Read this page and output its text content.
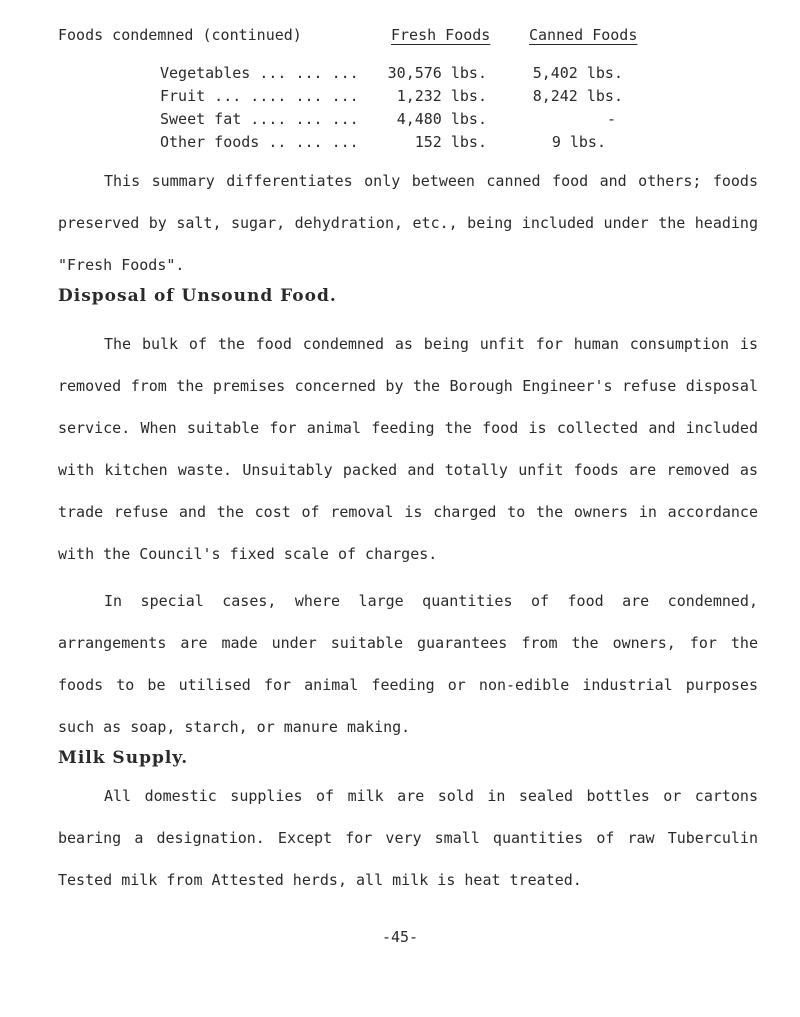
Foods condemned (continued)	Fresh Foods	Canned Foods
Vegetables ... ... ... 30,576 lbs.	5,402 lbs.
Fruit ... .... ... ...	1,232 lbs.	8,242 lbs.
Sweet fat .... ... ...	4,480 lbs.	-
Other foods .. ... ...	152 lbs.	9 lbs.

This summary differentiates only between canned food and others; foods preserved by salt, sugar, dehydration, etc., being included under the heading "Fresh Foods".

Disposal of Unsound Food.

The bulk of the food condemned as being unfit for human consumption is removed from the premises concerned by the Borough Engineer's refuse disposal service. When suitable for animal feeding the food is collected and included with kitchen waste. Unsuitably packed and totally unfit foods are removed as trade refuse and the cost of removal is charged to the owners in accordance with the Council's fixed scale of charges.

In special cases, where large quantities of food are condemned, arrangements are made under suitable guarantees from the owners, for the foods to be utilised for animal feeding or non-edible industrial purposes such as soap, starch, or manure making.

Milk Supply.

All domestic supplies of milk are sold in sealed bottles or cartons bearing a designation. Except for very small quantities of raw Tuberculin Tested milk from Attested herds, all milk is heat treated.

-45-
